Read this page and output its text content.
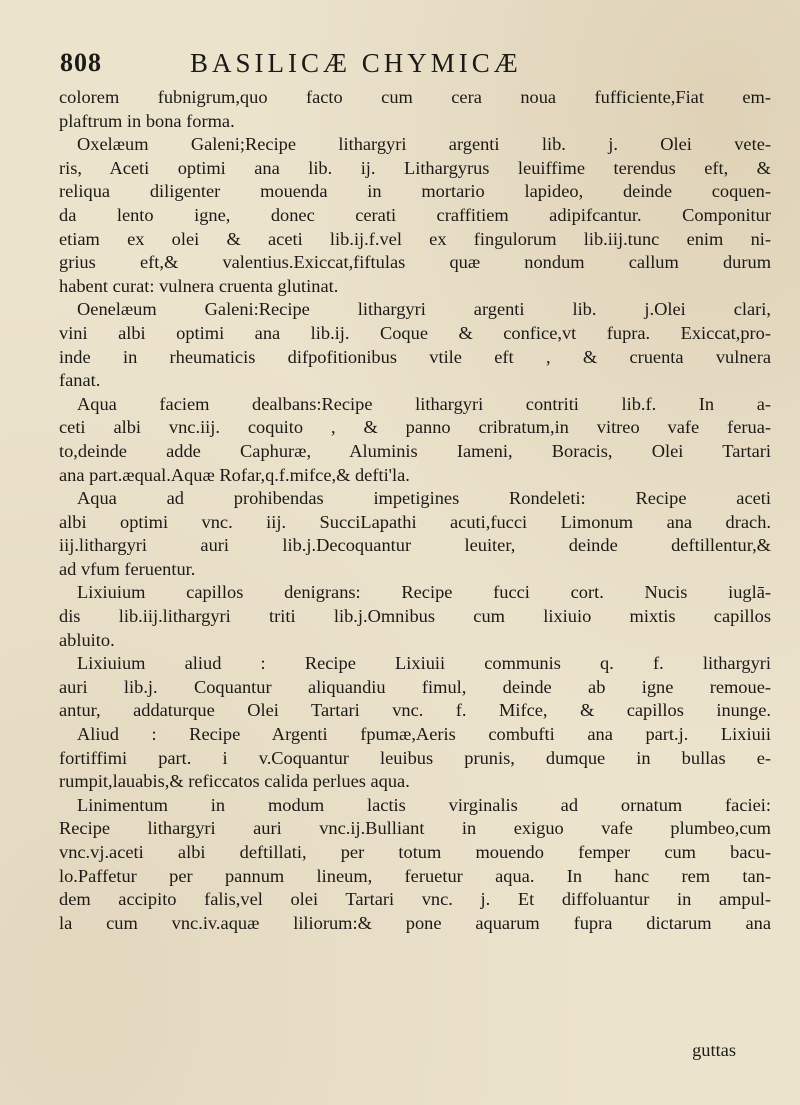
808	BASILICÆ CHYMICÆ
colorem fubnigrum,quo facto cum cera noua fufficiente,Fiat em-
plaftrum in bona forma.
Oxelæum Galeni;Recipe lithargyri argenti lib. j. Olei vete-
ris, Aceti optimi ana lib. ij. Lithargyrus leuiffime terendus eft, &
reliqua diligenter mouenda in mortario lapideo, deinde coquen-
da lento igne, donec cerati craffitiem adipifcantur. Componitur
etiam ex olei & aceti lib.ij.f.vel ex fingulorum lib.iij.tunc enim ni-
grius eft,& valentius.Exiccat,fiftulas quæ nondum callum durum
habent curat: vulnera cruenta glutinat.
Oenelæum Galeni:Recipe lithargyri argenti lib. j.Olei clari,
vini albi optimi ana lib.ij. Coque & confice,vt fupra. Exiccat,pro-
inde in rheumaticis difpofitionibus vtile eft , & cruenta vulnera
fanat.
Aqua faciem dealbans:Recipe lithargyri contriti lib.f. In a-
ceti albi vnc.iij. coquito , & panno cribratum,in vitreo vafe ferua-
to,deinde adde Caphuræ, Aluminis Iameni, Boracis, Olei Tartari
ana part.æqual.Aquæ Rofar,q.f.mifce,& defti'la.
Aqua ad prohibendas impetigines Rondeleti: Recipe aceti
albi optimi vnc. iij. SucciLapathi acuti,fucci Limonum ana drach.
iij.lithargyri auri lib.j.Decoquantur leuiter, deinde deftillentur,&
ad vfum feruentur.
Lixiuium capillos denigrans: Recipe fucci cort. Nucis iuglā-
dis lib.iij.lithargyri triti lib.j.Omnibus cum lixiuio mixtis capillos
abluito.
Lixiuium aliud : Recipe Lixiuii communis q. f. lithargyri
auri lib.j. Coquantur aliquandiu fimul, deinde ab igne remoue-
antur, addaturque Olei Tartari vnc. f. Mifce, & capillos inunge.
Aliud : Recipe Argenti fpumæ,Aeris combufti ana part.j. Lixiuii
fortiffimi part. i v.Coquantur leuibus prunis, dumque in bullas e-
rumpit,lauabis,& reficcatos calida perlues aqua.
Linimentum in modum lactis virginalis ad ornatum faciei:
Recipe lithargyri auri vnc.ij.Bulliant in exiguo vafe plumbeo,cum
vnc.vj.aceti albi deftillati, per totum mouendo femper cum bacu-
lo.Paffetur per pannum lineum, feruetur aqua. In hanc rem tan-
dem accipito falis,vel olei Tartari vnc. j. Et diffoluantur in ampul-
la cum vnc.iv.aquæ liliorum:& pone aquarum fupra dictarum ana
guttas
